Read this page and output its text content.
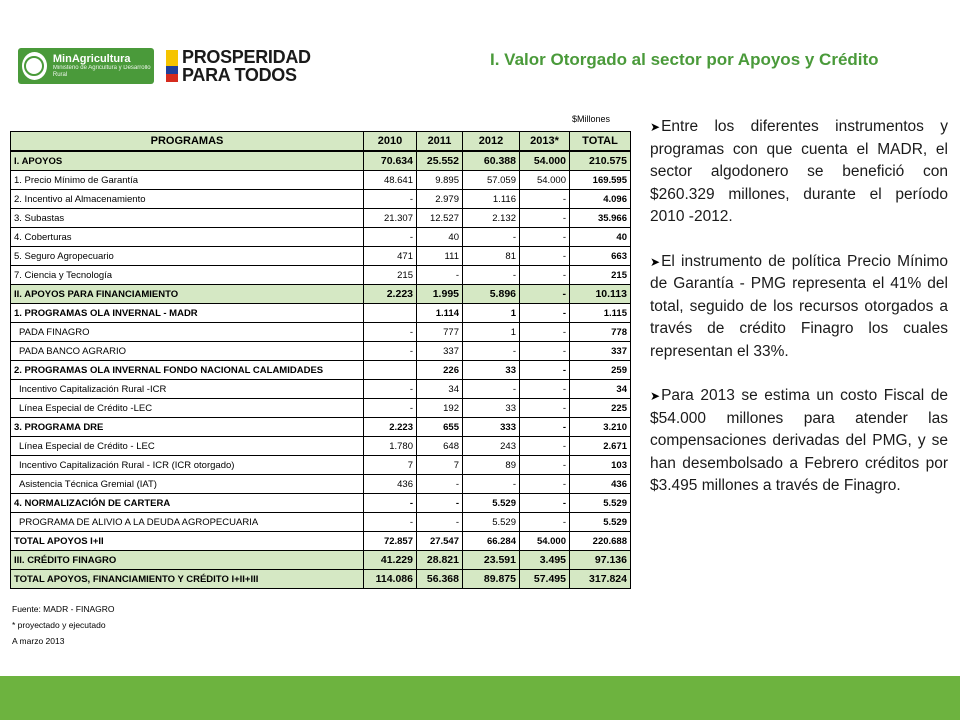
MinAgricultura
Ministerio de Agricultura y Desarrollo Rural
PROSPERIDAD
PARA TODOS
I. Valor Otorgado al sector por Apoyos y Crédito
$Millones
PROGRAMAS	2010	2011	2012	2013*	TOTAL
I. APOYOS	70.634	25.552	60.388	54.000	210.575
1. Precio Mínimo de Garantía	48.641	9.895	57.059	54.000	169.595
2. Incentivo al Almacenamiento	-	2.979	1.116	-	4.096
3. Subastas	21.307	12.527	2.132	-	35.966
4. Coberturas	-	40	-	-	40
5. Seguro Agropecuario	471	111	81	-	663
7. Ciencia y Tecnología	215	-	-	-	215
II. APOYOS PARA FINANCIAMIENTO	2.223	1.995	5.896	-	10.113
1. PROGRAMAS OLA INVERNAL - MADR		1.114	1	-	1.115
PADA FINAGRO	-	777	1	-	778
PADA BANCO AGRARIO	-	337	-	-	337
2. PROGRAMAS OLA INVERNAL FONDO NACIONAL CALAMIDADES		226	33	-	259
Incentivo Capitalización Rural -ICR	-	34	-	-	34
Línea Especial de Crédito -LEC	-	192	33	-	225
3. PROGRAMA DRE	2.223	655	333	-	3.210
Línea Especial de Crédito - LEC	1.780	648	243	-	2.671
Incentivo Capitalización Rural - ICR (ICR otorgado)	7	7	89	-	103
Asistencia Técnica Gremial (IAT)	436	-	-	-	436
4. NORMALIZACIÓN DE CARTERA	-	-	5.529	-	5.529
PROGRAMA DE ALIVIO A LA DEUDA AGROPECUARIA	-	-	5.529	-	5.529
TOTAL APOYOS I+II	72.857	27.547	66.284	54.000	220.688
III. CRÉDITO FINAGRO	41.229	28.821	23.591	3.495	97.136
TOTAL APOYOS, FINANCIAMIENTO Y CRÉDITO I+II+III	114.086	56.368	89.875	57.495	317.824
Fuente: MADR - FINAGRO
* proyectado y ejecutado
A marzo 2013
➤Entre los diferentes instrumentos y programas con que cuenta el MADR, el sector algodonero se benefició con $260.329 millones, durante el período 2010 -2012.
➤El instrumento de política Precio Mínimo de Garantía - PMG representa el 41% del total, seguido de los recursos otorgados a través de crédito Finagro los cuales representan el 33%.
➤Para 2013 se estima un costo Fiscal de $54.000 millones para atender las compensaciones derivadas del PMG, y se han desembolsado a Febrero créditos por $3.495 millones a través de Finagro.
